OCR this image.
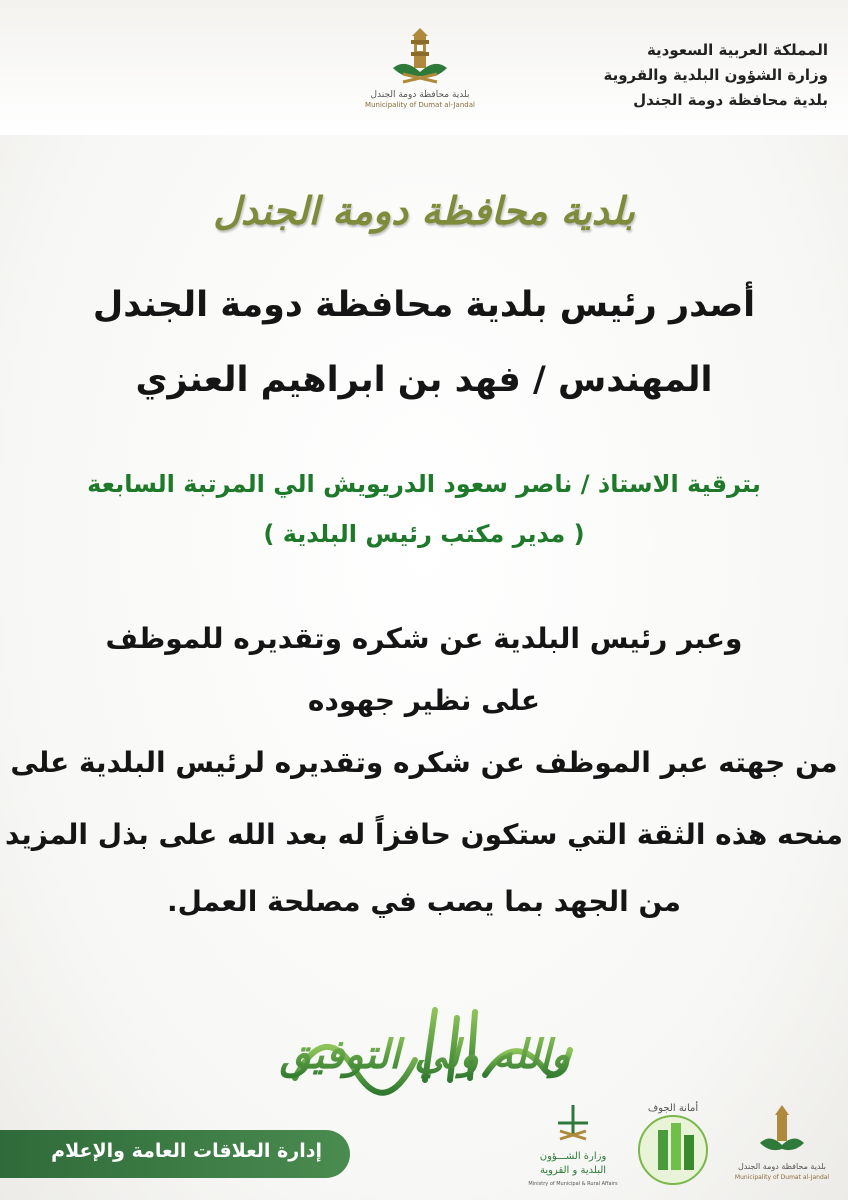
المملكة العربية السعودية
وزارة الشؤون البلدية والقروية
بلدية محافظة دومة الجندل
بلدية محافظة دومة الجندل
Municipality of Dumat al-Jandal
بلدية محافظة دومة الجندل
أصدر رئيس بلدية محافظة دومة الجندل
المهندس / فهد بن ابراهيم العنزي
بترقية الاستاذ / ناصر سعود الدريويش الي المرتبة السابعة
( مدير مكتب رئيس البلدية )
وعبر رئيس البلدية عن شكره وتقديره للموظف
على نظير جهوده
من جهته عبر الموظف عن شكره وتقديره لرئيس البلدية على
منحه هذه الثقة التي ستكون حافزاً له بعد الله على بذل المزيد
من الجهد بما يصب في مصلحة العمل.
والله ولي التوفيق
إدارة العلاقات العامة والإعلام	وزارة الشـــؤون
البلدية و القروية
Ministry of Municipal & Rural Affairs
أمانة الجوف
بلدية محافظة دومة الجندل
Municipality of Dumat al-Jandal
